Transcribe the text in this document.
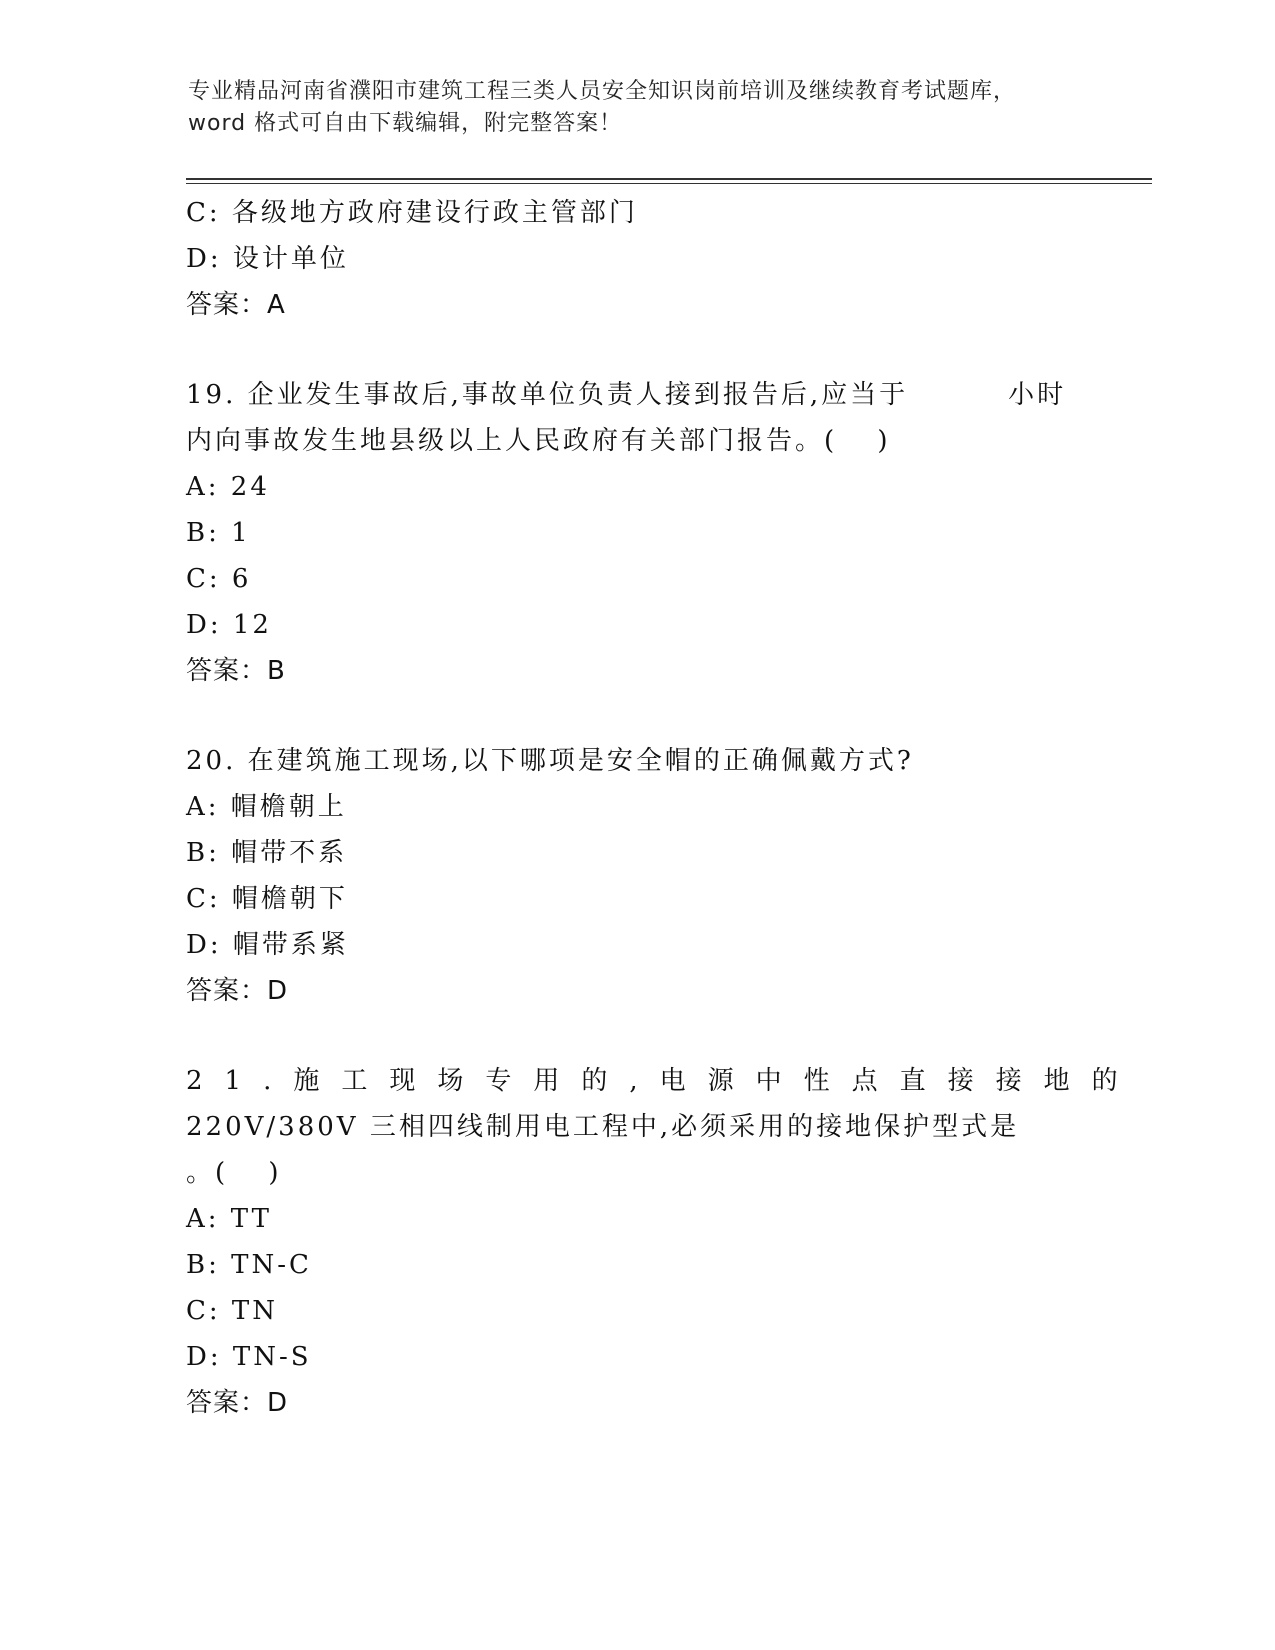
专业精品河南省濮阳市建筑工程三类人员安全知识岗前培训及继续教育考试题库，
word 格式可自由下载编辑，附完整答案！
C: 各级地方政府建设行政主管部门
D: 设计单位
答案：A
19. 企业发生事故后,事故单位负责人接到报告后,应当于	小时
内向事故发生地县级以上人民政府有关部门报告。(　 )
A: 24
B: 1
C: 6
D: 12
答案：B
20. 在建筑施工现场,以下哪项是安全帽的正确佩戴方式?
A: 帽檐朝上
B: 帽带不系
C: 帽檐朝下
D: 帽带系紧
答案：D
21.施工现场专用的,电源中性点直接接地的
220V/380V 三相四线制用电工程中,必须采用的接地保护型式是
。(　 )
A: TT
B: TN-C
C: TN
D: TN-S
答案：D
